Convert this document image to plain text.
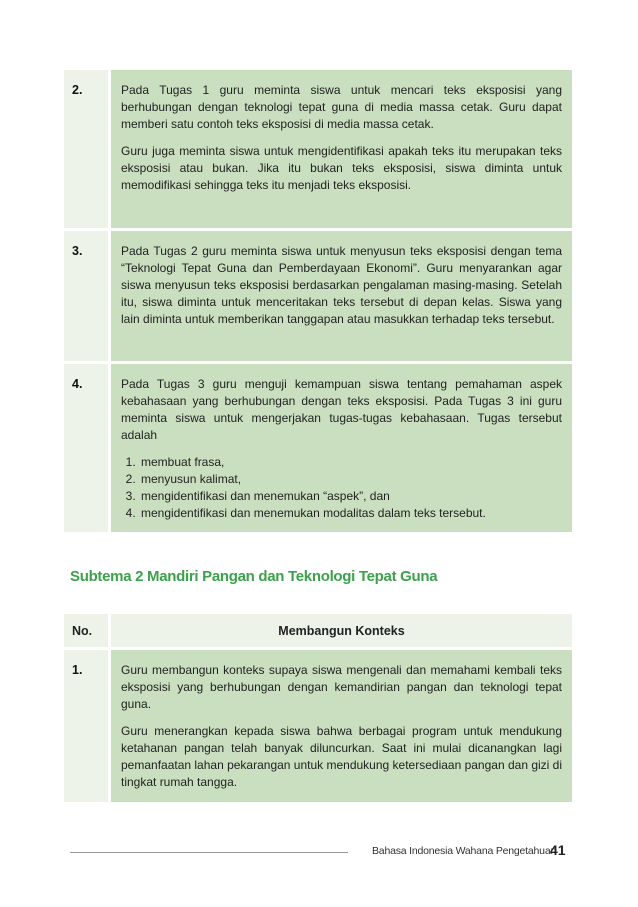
2.	Pada Tugas 1 guru meminta siswa untuk mencari teks eksposisi yang berhubungan dengan teknologi tepat guna di media massa cetak. Guru dapat memberi satu contoh teks eksposisi di media massa cetak.

Guru juga meminta siswa untuk mengidentifikasi apakah teks itu merupakan teks eksposisi atau bukan. Jika itu bukan teks eksposisi, siswa diminta untuk memodifikasi sehingga teks itu menjadi teks eksposisi.

3.	Pada Tugas 2 guru meminta siswa untuk menyusun teks eksposisi dengan tema “Teknologi Tepat Guna dan Pemberdayaan Ekonomi”. Guru menyarankan agar siswa menyusun teks eksposisi berdasarkan pengalaman masing-masing. Setelah itu, siswa diminta untuk menceritakan teks tersebut di depan kelas. Siswa yang lain diminta untuk memberikan tanggapan atau masukkan terhadap teks tersebut.

4.	Pada Tugas 3 guru menguji kemampuan siswa tentang pemahaman aspek kebahasaan yang berhubungan dengan teks eksposisi. Pada Tugas 3 ini guru meminta siswa untuk mengerjakan tugas-tugas kebahasaan. Tugas tersebut adalah

1. membuat frasa,
2. menyusun kalimat,
3. mengidentifikasi dan menemukan “aspek”, dan
4. mengidentifikasi dan menemukan modalitas dalam teks tersebut.
Subtema 2 Mandiri Pangan dan Teknologi Tepat Guna
No.	Membangun Konteks
1.	Guru membangun konteks supaya siswa mengenali dan memahami kembali teks eksposisi yang berhubungan dengan kemandirian pangan dan teknologi tepat guna.

Guru menerangkan kepada siswa bahwa berbagai program untuk mendukung ketahanan pangan telah banyak diluncurkan. Saat ini mulai dicanangkan lagi pemanfaatan lahan pekarangan untuk mendukung ketersediaan pangan dan gizi di tingkat rumah tangga.

Bahasa Indonesia Wahana Pengetahuan
41
